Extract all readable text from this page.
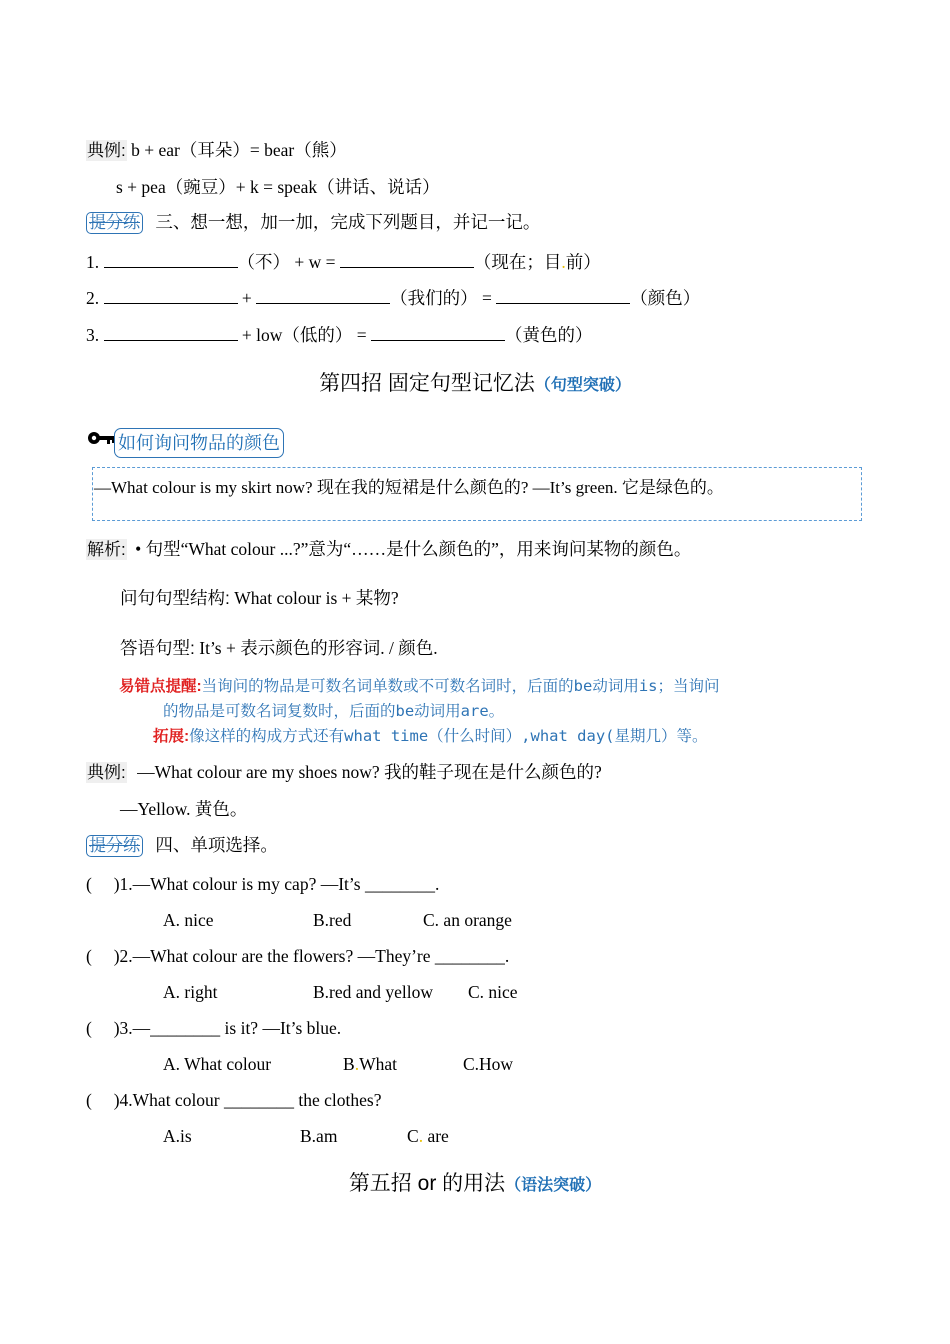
典例: b + ear（耳朵）= bear（熊）
s + pea（豌豆）+ k = speak（讲话、说话）
提分练 三、想一想，加一加，完成下列题目，并记一记。
1.	（不） + w =	（现在；目.前）
2.	+	（我们的） =	（颜色）
3.	+ low（低的） =	（黄色的）
第四招 固定句型记忆法（句型突破）
如何询问物品的颜色
—What colour is my skirt now? 现在我的短裙是什么颜色的? —It’s green. 它是绿色的。
解析: • 句型“What colour ...?”意为“……是什么颜色的”，用来询问某物的颜色。
问句句型结构: What colour is + 某物?
答语句型: It’s + 表示颜色的形容词. / 颜色.
易错点提醒:当询问的物品是可数名词单数或不可数名词时，后面的be动词用is；当询问
的物品是可数名词复数时，后面的be动词用are。
拓展:像这样的构成方式还有what time（什么时间）,what day(星期几）等。
典例: —What colour are my shoes now? 我的鞋子现在是什么颜色的?
—Yellow. 黄色。
提分练 四、单项选择。
(     )1.—What colour is my cap? —It’s ________.
A. nice	B.red	C. an orange
(     )2.—What colour are the flowers? —They’re ________.
A. right	B.red and yellow C. nice
(     )3.—________ is it? —It’s blue.
A. What colour	B.What	C.How
(     )4.What colour ________ the clothes?
A.is	B.am	C. are
第五招 or 的用法（语法突破）
